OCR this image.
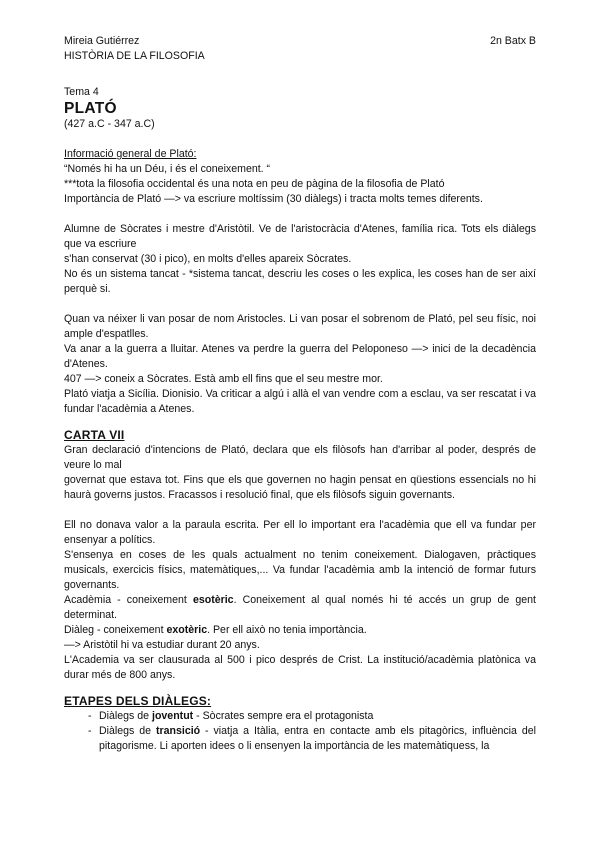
Mireia Gutiérrez	2n Batx B

HISTÒRIA DE LA FILOSOFIA

Tema 4

PLATÓ

(427 a.C - 347 a.C)

Informació general de Plató:

“Només hi ha un Déu, i és el coneixement. “

***tota la filosofia occidental és una nota en peu de pàgina de la filosofia de Plató

Importància de Plató —> va escriure moltíssim (30 diàlegs) i tracta molts temes diferents.

Alumne de Sòcrates i mestre d'Aristòtil. Ve de l'aristocràcia d'Atenes, família rica. Tots els diàlegs que va escriure

s'han conservat (30 i pico), en molts d'elles apareix Sòcrates.

No és un sistema tancat - *sistema tancat, descriu les coses o les explica, les coses han de ser així perquè si.

Quan va néixer li van posar de nom Aristocles. Li van posar el sobrenom de Plató, pel seu físic, noi ample d'espatlles.

Va anar a la guerra a lluitar. Atenes va perdre la guerra del Peloponeso —> inici de la decadència d'Atenes.

407 —> coneix a Sòcrates. Està amb ell fins que el seu mestre mor.

Plató viatja a Sicília. Dionisio. Va criticar a algú i allà el van vendre com a esclau, va ser rescatat i va fundar l'acadèmia a Atenes.

CARTA VII

Gran declaració d'intencions de Plató, declara que els filòsofs han d'arribar al poder, després de veure lo mal

governat que estava tot. Fins que els que governen no hagin pensat en qüestions essencials no hi haurà governs justos. Fracassos i resolució final, que els filòsofs siguin governants.

Ell no donava valor a la paraula escrita. Per ell lo important era l'acadèmia que ell va fundar per ensenyar a polítics.

S'ensenya en coses de les quals actualment no tenim coneixement. Dialogaven, pràctiques musicals, exercicis físics, matemàtiques,... Va fundar l'acadèmia amb la intenció de formar futurs governants.

Acadèmia - coneixement esotèric. Coneixement al qual només hi té accés un grup de gent determinat.

Diàleg - coneixement exotèric. Per ell això no tenia importància.

—> Aristòtil hi va estudiar durant 20 anys.

L'Academia va ser clausurada al 500 i pico després de Crist. La institució/acadèmia platònica va durar més de 800 anys.

ETAPES DELS DIÀLEGS:

- Diàlegs de joventut - Sòcrates sempre era el protagonista
- Diàlegs de transició - viatja a Itàlia, entra en contacte amb els pitagòrics, influència del pitagorisme. Li aporten idees o li ensenyen la importància de les matemàtiquess, la
